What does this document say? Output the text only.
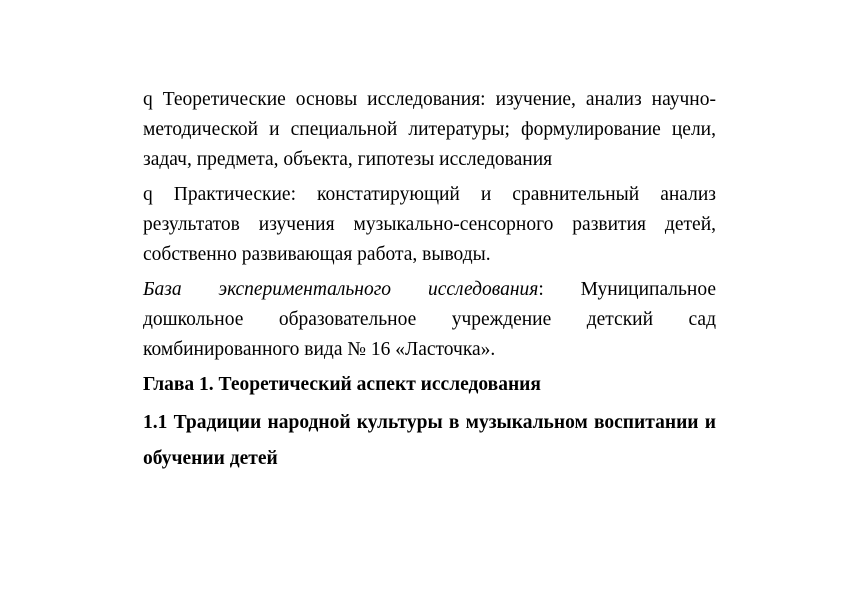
q Теоретические основы исследования: изучение, анализ научно-методической и специальной литературы; формулирование цели, задач, предмета, объекта, гипотезы исследования

q Практические: констатирующий и сравнительный анализ результатов изучения музыкально-сенсорного развития детей, собственно развивающая работа, выводы.

База экспериментального исследования: Муниципальное дошкольное образовательное учреждение детский сад комбинированного вида № 16 «Ласточка».

Глава 1. Теоретический аспект исследования

1.1 Традиции народной культуры в музыкальном воспитании и обучении детей
